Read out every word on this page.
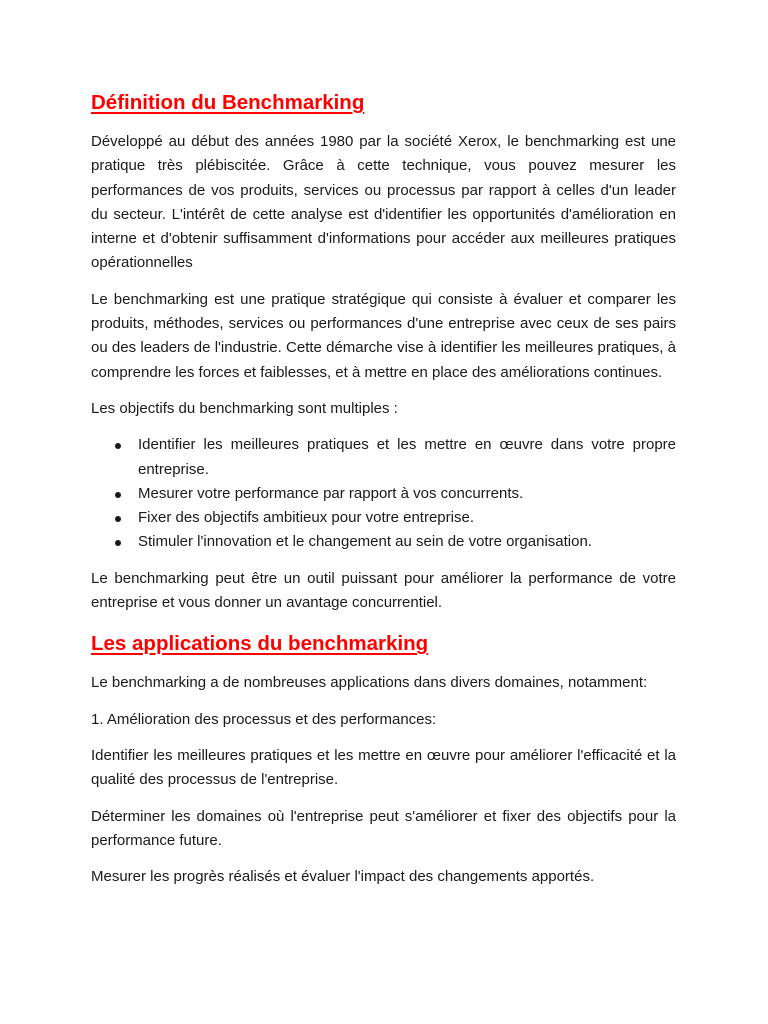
Définition du Benchmarking

Développé au début des années 1980 par la société Xerox, le benchmarking est une pratique très plébiscitée. Grâce à cette technique, vous pouvez mesurer les performances de vos produits, services ou processus par rapport à celles d'un leader du secteur. L'intérêt de cette analyse est d'identifier les opportunités d'amélioration en interne et d'obtenir suffisamment d'informations pour accéder aux meilleures pratiques opérationnelles

Le benchmarking est une pratique stratégique qui consiste à évaluer et comparer les produits, méthodes, services ou performances d'une entreprise avec ceux de ses pairs ou des leaders de l'industrie. Cette démarche vise à identifier les meilleures pratiques, à comprendre les forces et faiblesses, et à mettre en place des améliorations continues.

Les objectifs du benchmarking sont multiples :

Identifier les meilleures pratiques et les mettre en œuvre dans votre propre entreprise.
Mesurer votre performance par rapport à vos concurrents.
Fixer des objectifs ambitieux pour votre entreprise.
Stimuler l'innovation et le changement au sein de votre organisation.

Le benchmarking peut être un outil puissant pour améliorer la performance de votre entreprise et vous donner un avantage concurrentiel.

Les applications du benchmarking

Le benchmarking a de nombreuses applications dans divers domaines, notamment:

1. Amélioration des processus et des performances:

Identifier les meilleures pratiques et les mettre en œuvre pour améliorer l'efficacité et la qualité des processus de l'entreprise.

Déterminer les domaines où l'entreprise peut s'améliorer et fixer des objectifs pour la performance future.

Mesurer les progrès réalisés et évaluer l'impact des changements apportés.
